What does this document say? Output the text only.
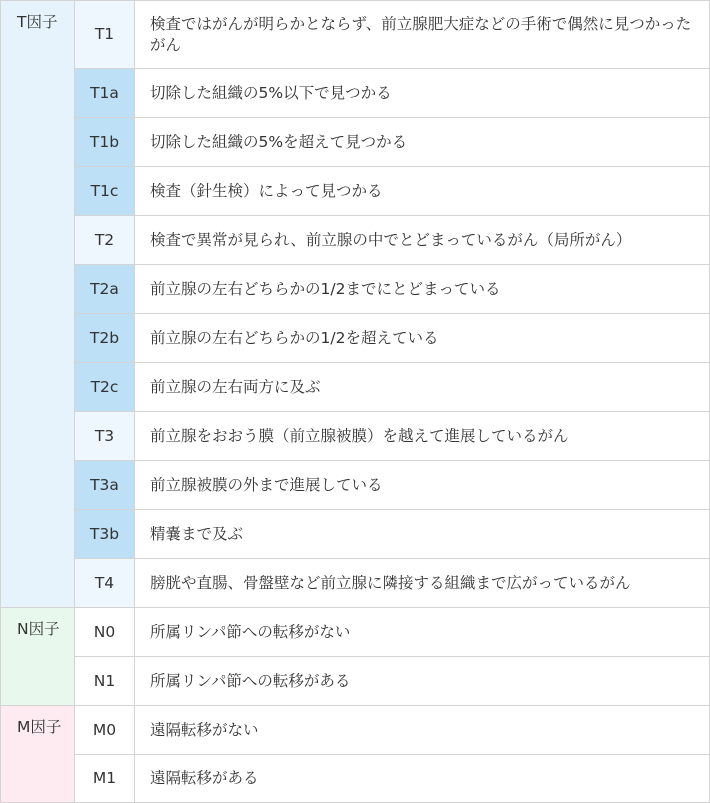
T因子	T1	検査ではがんが明らかとならず、前立腺肥大症などの手術で偶然に見つかったがん
	T1a	切除した組織の5%以下で見つかる
	T1b	切除した組織の5%を超えて見つかる
	T1c	検査（針生検）によって見つかる
	T2	検査で異常が見られ、前立腺の中でとどまっているがん（局所がん）
	T2a	前立腺の左右どちらかの1/2までにとどまっている
	T2b	前立腺の左右どちらかの1/2を超えている
	T2c	前立腺の左右両方に及ぶ
	T3	前立腺をおおう膜（前立腺被膜）を越えて進展しているがん
	T3a	前立腺被膜の外まで進展している
	T3b	精嚢まで及ぶ
	T4	膀胱や直腸、骨盤壁など前立腺に隣接する組織まで広がっているがん
N因子	N0	所属リンパ節への転移がない
	N1	所属リンパ節への転移がある
M因子	M0	遠隔転移がない
	M1	遠隔転移がある
